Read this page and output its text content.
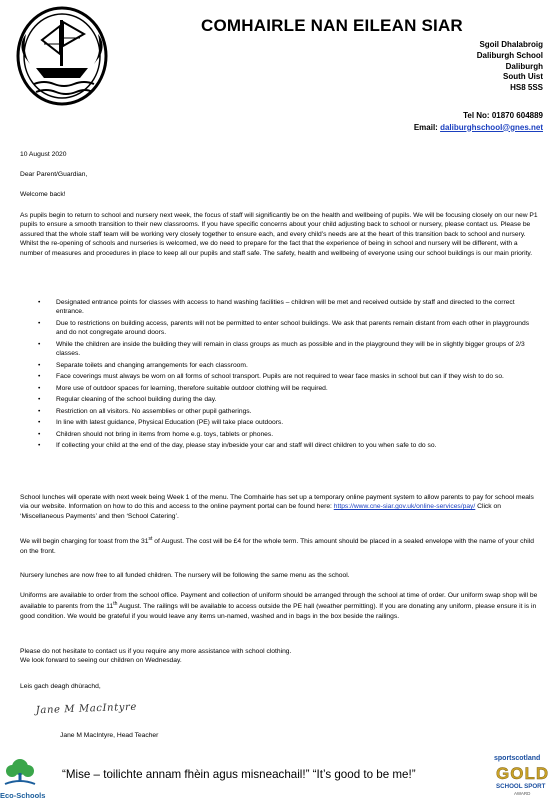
COMHAIRLE NAN EILEAN SIAR
Sgoil Dhalabroig
Daliburgh School
Daliburgh
South Uist
HS8 5SS
Tel No: 01870 604889
Email: daliburghschool@gnes.net
10 August 2020
Dear Parent/Guardian,
Welcome back!

As pupils begin to return to school and nursery next week, the focus of staff will significantly be on the health and wellbeing of pupils. We will be focusing closely on our new P1 pupils to ensure a smooth transition to their new classrooms. If you have specific concerns about your child adjusting back to school or nursery, please contact us. Please be assured that the whole staff team will be working very closely together to ensure each, and every child’s needs are at the heart of this transition back to school and nursery.

Whilst the re-opening of schools and nurseries is welcomed, we do need to prepare for the fact that the experience of being in school and nursery will be different, with a number of measures and procedures in place to keep all our pupils and staff safe. The safety, health and wellbeing of everyone using our school buildings is our main priority.

• Designated entrance points for classes with access to hand washing facilities – children will be met and received outside by staff and directed to the correct entrance.
• Due to restrictions on building access, parents will not be permitted to enter school buildings. We ask that parents remain distant from each other in playgrounds and do not congregate around doors.
• While the children are inside the building they will remain in class groups as much as possible and in the playground they will be in slightly bigger groups of 2/3 classes.
• Separate toilets and changing arrangements for each classroom.
• Face coverings must always be worn on all forms of school transport. Pupils are not required to wear face masks in school but can if they wish to do so.
• More use of outdoor spaces for learning, therefore suitable outdoor clothing will be required.
• Regular cleaning of the school building during the day.
• Restriction on all visitors. No assemblies or other pupil gatherings.
• In line with latest guidance, Physical Education (PE) will take place outdoors.
• Children should not bring in items from home e.g. toys, tablets or phones.
• If collecting your child at the end of the day, please stay in/beside your car and staff will direct children to you when safe to do so.
School lunches will operate with next week being Week 1 of the menu. The Comhairle has set up a temporary online payment system to allow parents to pay for school meals via our website. Information on how to do this and access to the online payment portal can be found here: https://www.cne-siar.gov.uk/online-services/pay/ Click on ‘Miscellaneous Payments’ and then ‘School Catering’.
We will begin charging for toast from the 31st of August. The cost will be £4 for the whole term. This amount should be placed in a sealed envelope with the name of your child on the front.
Nursery lunches are now free to all funded children. The nursery will be following the same menu as the school.
Uniforms are available to order from the school office. Payment and collection of uniform should be arranged through the school at time of order. Our uniform swap shop will be available to parents from the 11th August. The railings will be available to access outside the PE hall (weather permitting). If you are donating any uniform, please ensure it is in good condition. We would be grateful if you would leave any items un-named, washed and in bags in the box beside the railings.

Please do not hesitate to contact us if you require any more assistance with school clothing.

We look forward to seeing our children on Wednesday.

Leis gach deagh dhùrachd,
Jane M MacIntyre
Jane M MacIntyre, Head Teacher
Eco-Schools
“Mise – toilichte annam fhèin agus misneachail!” “It’s good to be me!”
sportscotland
GOLD
SCHOOL SPORT
AWARD
